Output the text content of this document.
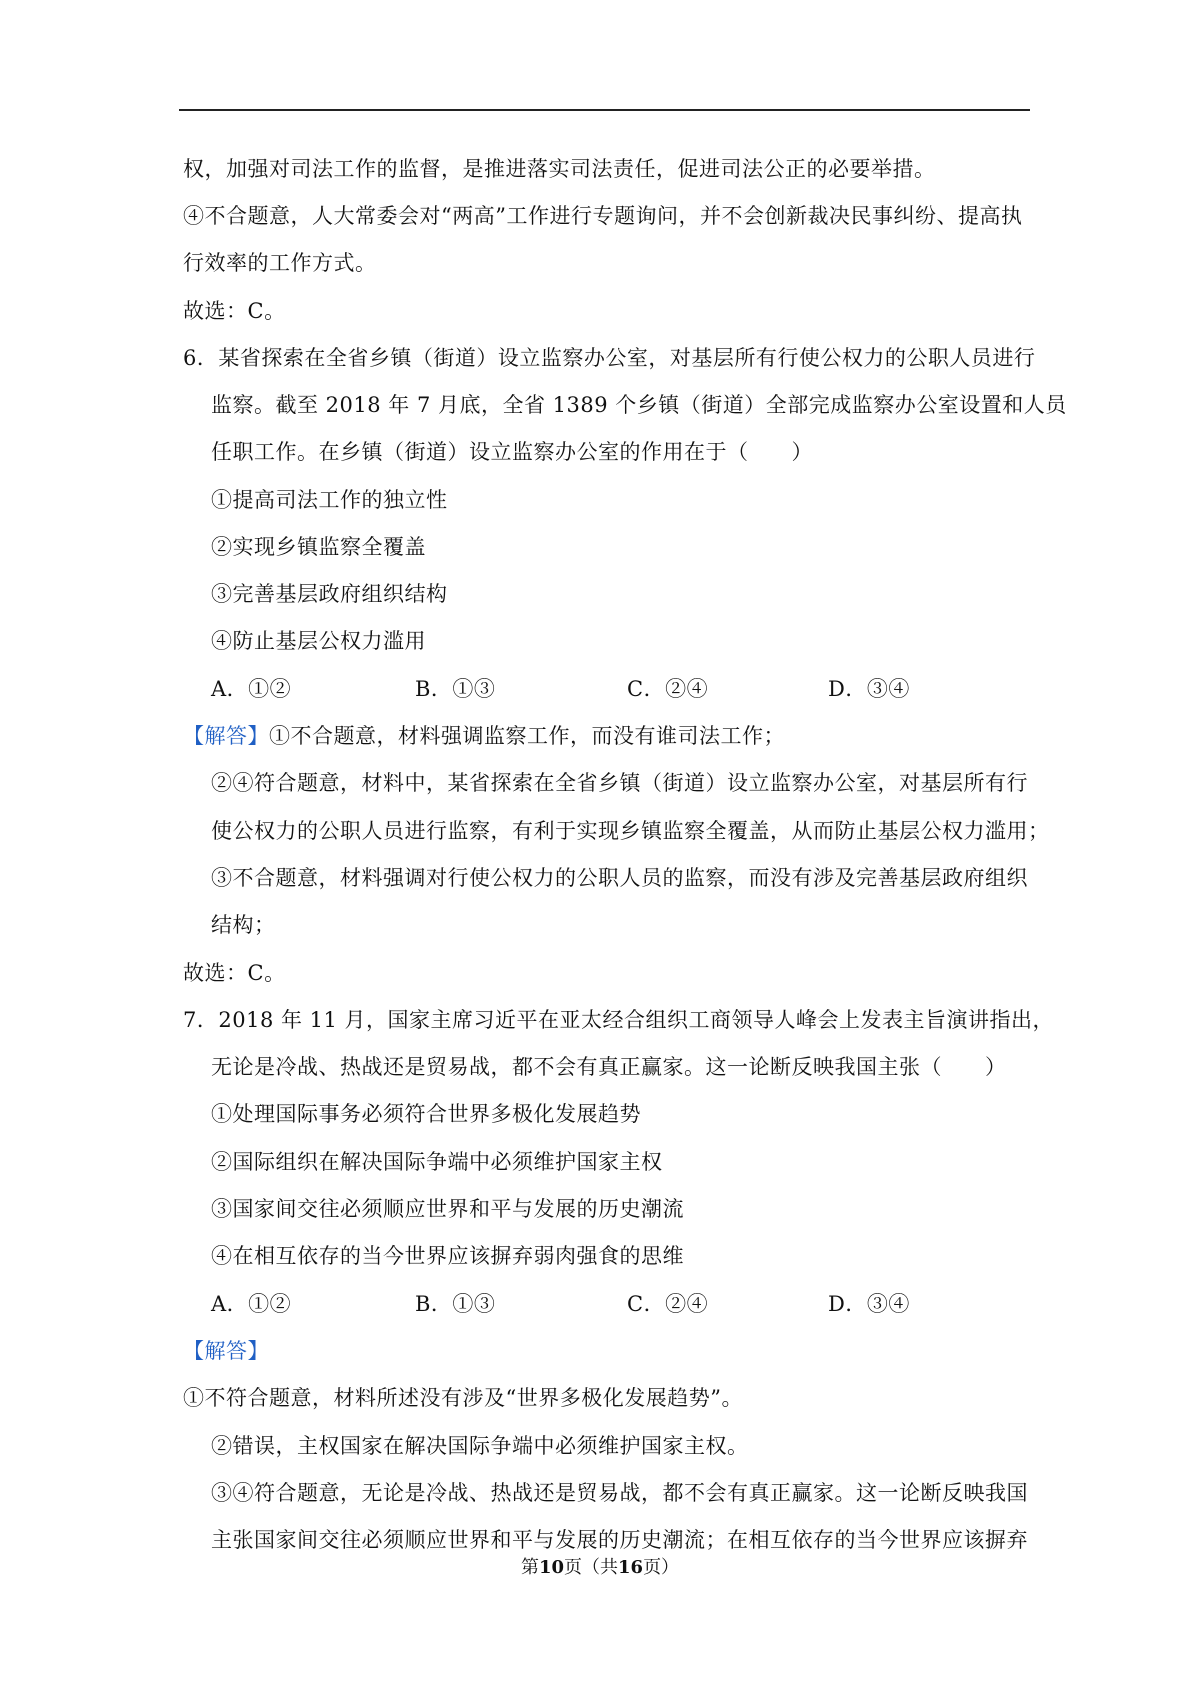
权，加强对司法工作的监督，是推进落实司法责任，促进司法公正的必要举措。
④不合题意，人大常委会对“两高”工作进行专题询问，并不会创新裁决民事纠纷、提高执
行效率的工作方式。
故选：C。
6．某省探索在全省乡镇（街道）设立监察办公室，对基层所有行使公权力的公职人员进行
监察。截至 2018 年 7 月底，全省 1389 个乡镇（街道）全部完成监察办公室设置和人员
任职工作。在乡镇（街道）设立监察办公室的作用在于（　　）
①提高司法工作的独立性
②实现乡镇监察全覆盖
③完善基层政府组织结构
④防止基层公权力滥用
A．①②	B．①③	C．②④	D．③④
【解答】①不合题意，材料强调监察工作，而没有谁司法工作；
②④符合题意，材料中，某省探索在全省乡镇（街道）设立监察办公室，对基层所有行
使公权力的公职人员进行监察，有利于实现乡镇监察全覆盖，从而防止基层公权力滥用；
③不合题意，材料强调对行使公权力的公职人员的监察，而没有涉及完善基层政府组织
结构；
故选：C。
7．2018 年 11 月，国家主席习近平在亚太经合组织工商领导人峰会上发表主旨演讲指出，
无论是冷战、热战还是贸易战，都不会有真正赢家。这一论断反映我国主张（　　）
①处理国际事务必须符合世界多极化发展趋势
②国际组织在解决国际争端中必须维护国家主权
③国家间交往必须顺应世界和平与发展的历史潮流
④在相互依存的当今世界应该摒弃弱肉强食的思维
A．①②	B．①③	C．②④	D．③④
【解答】
①不符合题意，材料所述没有涉及“世界多极化发展趋势”。
②错误，主权国家在解决国际争端中必须维护国家主权。
③④符合题意，无论是冷战、热战还是贸易战，都不会有真正赢家。这一论断反映我国
主张国家间交往必须顺应世界和平与发展的历史潮流；在相互依存的当今世界应该摒弃
第10页（共16页）
